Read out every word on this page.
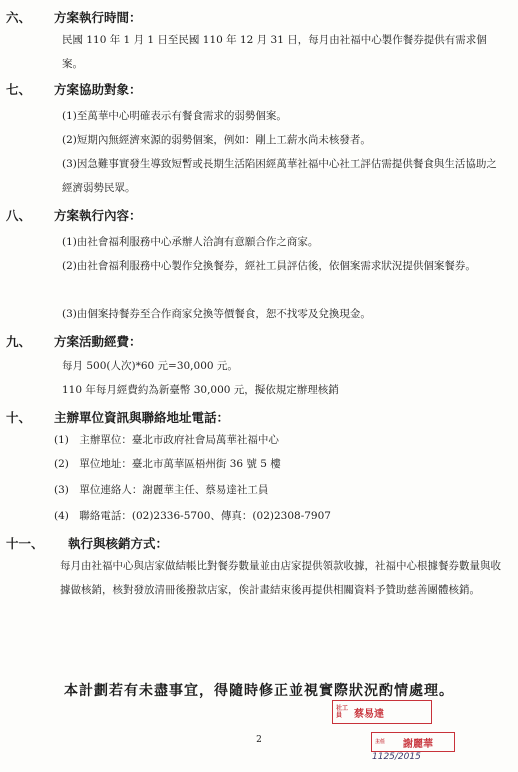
六、 方案執行時間：
民國 110 年 1 月 1 日至民國 110 年 12 月 31 日，每月由社福中心製作餐券提供有需求個案。
七、 方案協助對象：
(1)至萬華中心明確表示有餐食需求的弱勢個案。
(2)短期內無經濟來源的弱勢個案，例如：剛上工薪水尚未核發者。
(3)因急難事實發生導致短暫或長期生活陷困經萬華社福中心社工評估需提供餐食與生活協助之經濟弱勢民眾。
八、 方案執行內容：
(1)由社會福利服務中心承辦人洽詢有意願合作之商家。
(2)由社會福利服務中心製作兌換餐券，經社工員評估後，依個案需求狀況提供個案餐券。
(3)由個案持餐券至合作商家兌換等價餐食，恕不找零及兌換現金。
九、 方案活動經費：
每月 500(人次)*60 元=30,000 元。
110 年每月經費約為新臺幣 30,000 元，擬依規定辦理核銷
十、 主辦單位資訊與聯絡地址電話：
(1)　主辦單位：臺北市政府社會局萬華社福中心
(2)　單位地址：臺北市萬華區梧州街 36 號 5 樓
(3)　單位連絡人：謝麗華主任、蔡易達社工員
(4)　聯絡電話：(02)2336-5700、傳真：(02)2308-7907
十一、 執行與核銷方式：
每月由社福中心與店家做結帳比對餐券數量並由店家提供領款收據，社福中心根據餐券數量與收據做核銷，核對發放清冊後撥款店家，俟計畫結束後再提供相關資料予贊助慈善團體核銷。
本計劃若有未盡事宜，得隨時修正並視實際狀況酌情處理。
社工員	蔡易達
2	主任	謝麗華
1125/2015
